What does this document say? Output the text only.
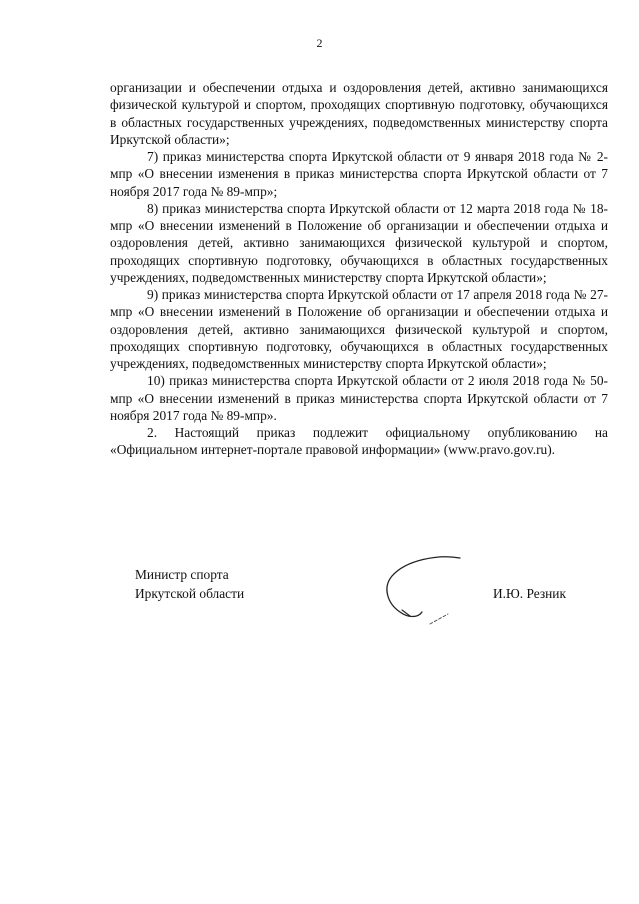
2

организации и обеспечении отдыха и оздоровления детей, активно занимающихся физической культурой и спортом, проходящих спортивную подготовку, обучающихся в областных государственных учреждениях, подведомственных министерству спорта Иркутской области»;

7) приказ министерства спорта Иркутской области от 9 января 2018 года № 2-мпр «О внесении изменения в приказ министерства спорта Иркутской области от 7 ноября 2017 года № 89-мпр»;

8) приказ министерства спорта Иркутской области от 12 марта 2018 года № 18-мпр «О внесении изменений в Положение об организации и обеспечении отдыха и оздоровления детей, активно занимающихся физической культурой и спортом, проходящих спортивную подготовку, обучающихся в областных государственных учреждениях, подведомственных министерству спорта Иркутской области»;

9) приказ министерства спорта Иркутской области от 17 апреля 2018 года № 27-мпр «О внесении изменений в Положение об организации и обеспечении отдыха и оздоровления детей, активно занимающихся физической культурой и спортом, проходящих спортивную подготовку, обучающихся в областных государственных учреждениях, подведомственных министерству спорта Иркутской области»;

10) приказ министерства спорта Иркутской области от 2 июля 2018 года № 50-мпр «О внесении изменений в приказ министерства спорта Иркутской области от 7 ноября 2017 года № 89-мпр».

2. Настоящий приказ подлежит официальному опубликованию на «Официальном интернет-портале правовой информации» (www.pravo.gov.ru).

Министр спорта
Иркутской области	И.Ю. Резник
